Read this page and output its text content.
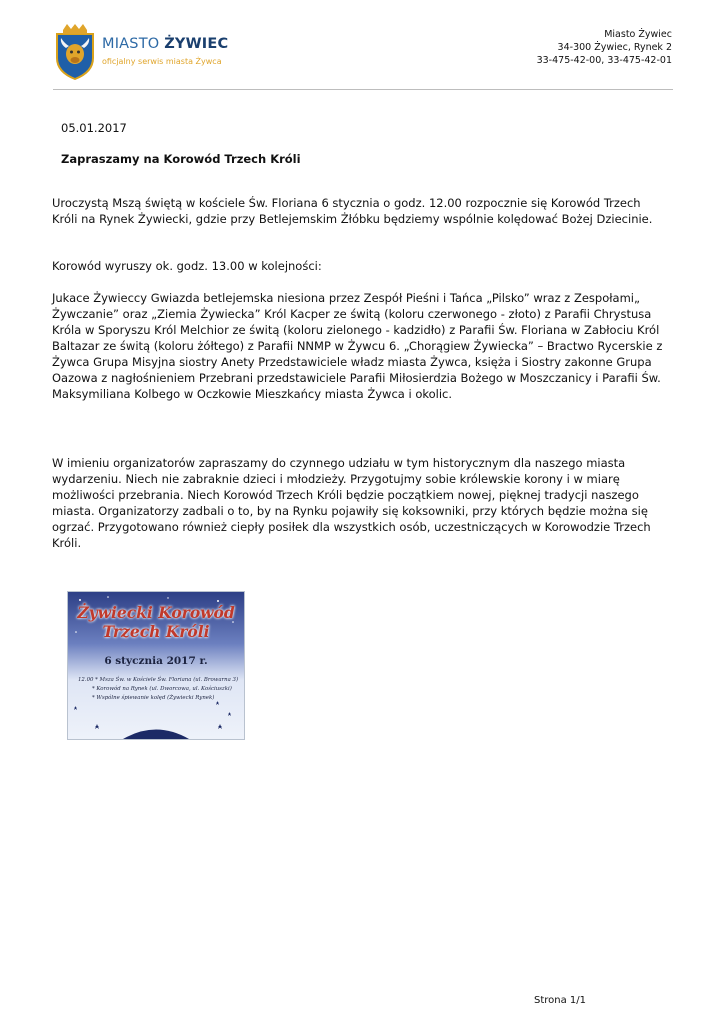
MIASTO ŻYWIEC
oficjalny serwis miasta Żywca
Miasto Żywiec
34-300 Żywiec, Rynek 2
33-475-42-00, 33-475-42-01
05.01.2017
Zapraszamy na Korowód Trzech Króli

Uroczystą Mszą świętą w kościele Św. Floriana 6 stycznia o godz. 12.00 rozpocznie się Korowód Trzech Króli na Rynek Żywiecki, gdzie przy Betlejemskim Żłóbku będziemy wspólnie kolędować Bożej Dziecinie.

Korowód wyruszy ok. godz. 13.00 w kolejności:

Jukace Żywieccy Gwiazda betlejemska niesiona przez Zespół Pieśni i Tańca „Pilsko” wraz z Zespołami„ Żywczanie” oraz „Ziemia Żywiecka” Król Kacper ze świtą (koloru czerwonego - złoto) z Parafii Chrystusa Króla w Sporyszu Król Melchior ze świtą (koloru zielonego - kadzidło) z Parafii Św. Floriana w Zabłociu Król Baltazar ze świtą (koloru żółtego) z Parafii NNMP w Żywcu 6. „Chorągiew Żywiecka” – Bractwo Rycerskie z Żywca Grupa Misyjna siostry Anety Przedstawiciele władz miasta Żywca, księża i Siostry zakonne Grupa Oazowa z nagłośnieniem Przebrani przedstawiciele Parafii Miłosierdzia Bożego w Moszczanicy i Parafii Św. Maksymiliana Kolbego w Oczkowie Mieszkańcy miasta Żywca i okolic.

W imieniu organizatorów zapraszamy do czynnego udziału w tym historycznym dla naszego miasta wydarzeniu. Niech nie zabraknie dzieci i młodzieży. Przygotujmy sobie królewskie korony i w miarę możliwości przebrania. Niech Korowód Trzech Króli będzie początkiem nowej, pięknej tradycji naszego miasta. Organizatorzy zadbali o to, by na Rynku pojawiły się koksowniki, przy których będzie można się ogrzać. Przygotowano również ciepły posiłek dla wszystkich osób, uczestniczących w Korowodzie Trzech Króli.

Żywiecki Korowód
Trzech Króli
6 stycznia 2017 r.
12.00 * Msza Św. w Kościele Św. Floriana (ul. Browarna 3)
* Korowód na Rynek (ul. Dworcowa, ul. Kościuszki)
* Wspólne śpiewanie kolęd (Żywiecki Rynek)
Strona 1/1
